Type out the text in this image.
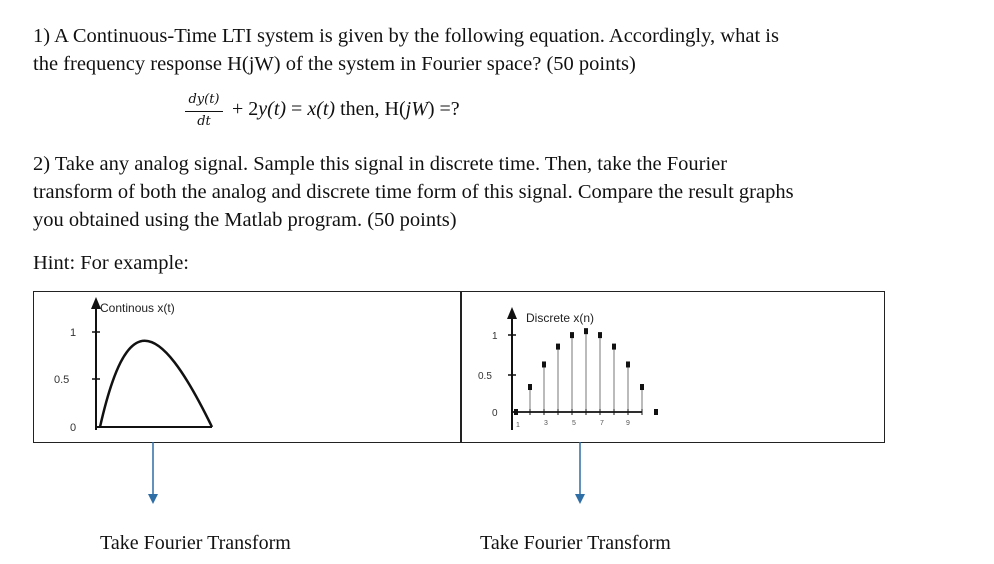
1) A Continuous-Time LTI system is given by the following equation. Accordingly, what is
the frequency response H(jW) of the system in Fourier space? (50 points)
dy(t)
dt
+ 2y(t) = x(t) then, H(jW) =?
2) Take any analog signal. Sample this signal in discrete time. Then, take the Fourier
transform of both the analog and discrete time form of this signal. Compare the result graphs
you obtained using the Matlab program. (50 points)
Hint: For example:
1
0.5
0
Continous x(t)
1
0.5
0
Discrete x(n)
1	3	5	7	9
Take Fourier Transform	Take Fourier Transform
